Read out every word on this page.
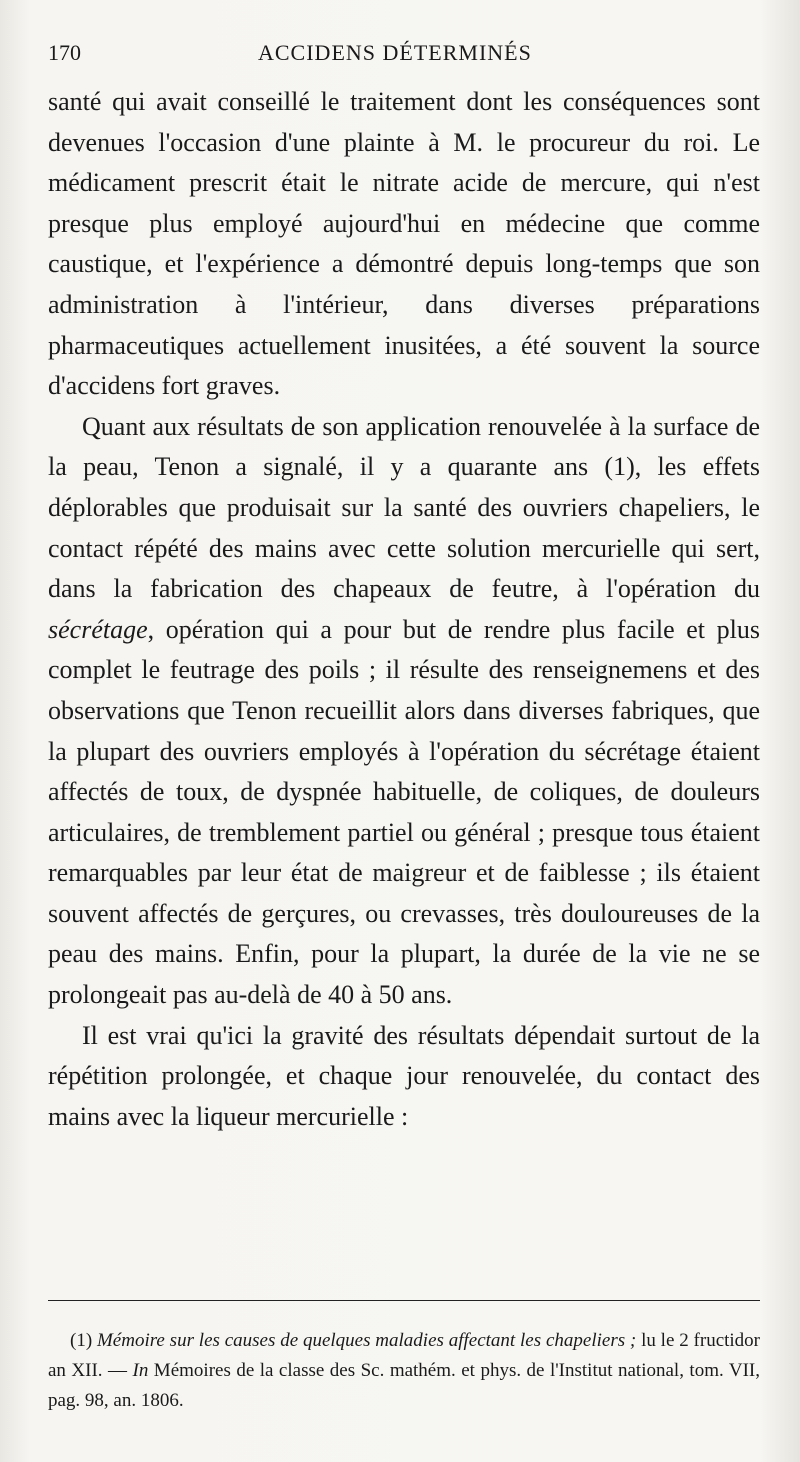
170	ACCIDENS DÉTERMINÉS

santé qui avait conseillé le traitement dont les conséquences sont devenues l'occasion d'une plainte à M. le procureur du roi. Le médicament prescrit était le nitrate acide de mercure, qui n'est presque plus employé aujourd'hui en médecine que comme caustique, et l'expérience a démontré depuis long-temps que son administration à l'intérieur, dans diverses préparations pharmaceutiques actuellement inusitées, a été souvent la source d'accidens fort graves.

Quant aux résultats de son application renouvelée à la surface de la peau, Tenon a signalé, il y a quarante ans (1), les effets déplorables que produisait sur la santé des ouvriers chapeliers, le contact répété des mains avec cette solution mercurielle qui sert, dans la fabrication des chapeaux de feutre, à l'opération du sécrétage, opération qui a pour but de rendre plus facile et plus complet le feutrage des poils ; il résulte des renseignemens et des observations que Tenon recueillit alors dans diverses fabriques, que la plupart des ouvriers employés à l'opération du sécrétage étaient affectés de toux, de dyspnée habituelle, de coliques, de douleurs articulaires, de tremblement partiel ou général ; presque tous étaient remarquables par leur état de maigreur et de faiblesse ; ils étaient souvent affectés de gerçures, ou crevasses, très douloureuses de la peau des mains. Enfin, pour la plupart, la durée de la vie ne se prolongeait pas au-delà de 40 à 50 ans.

Il est vrai qu'ici la gravité des résultats dépendait surtout de la répétition prolongée, et chaque jour renouvelée, du contact des mains avec la liqueur mercurielle :

(1) Mémoire sur les causes de quelques maladies affectant les chapeliers ; lu le 2 fructidor an XII. — In Mémoires de la classe des Sc. mathém. et phys. de l'Institut national, tom. VII, pag. 98, an. 1806.
